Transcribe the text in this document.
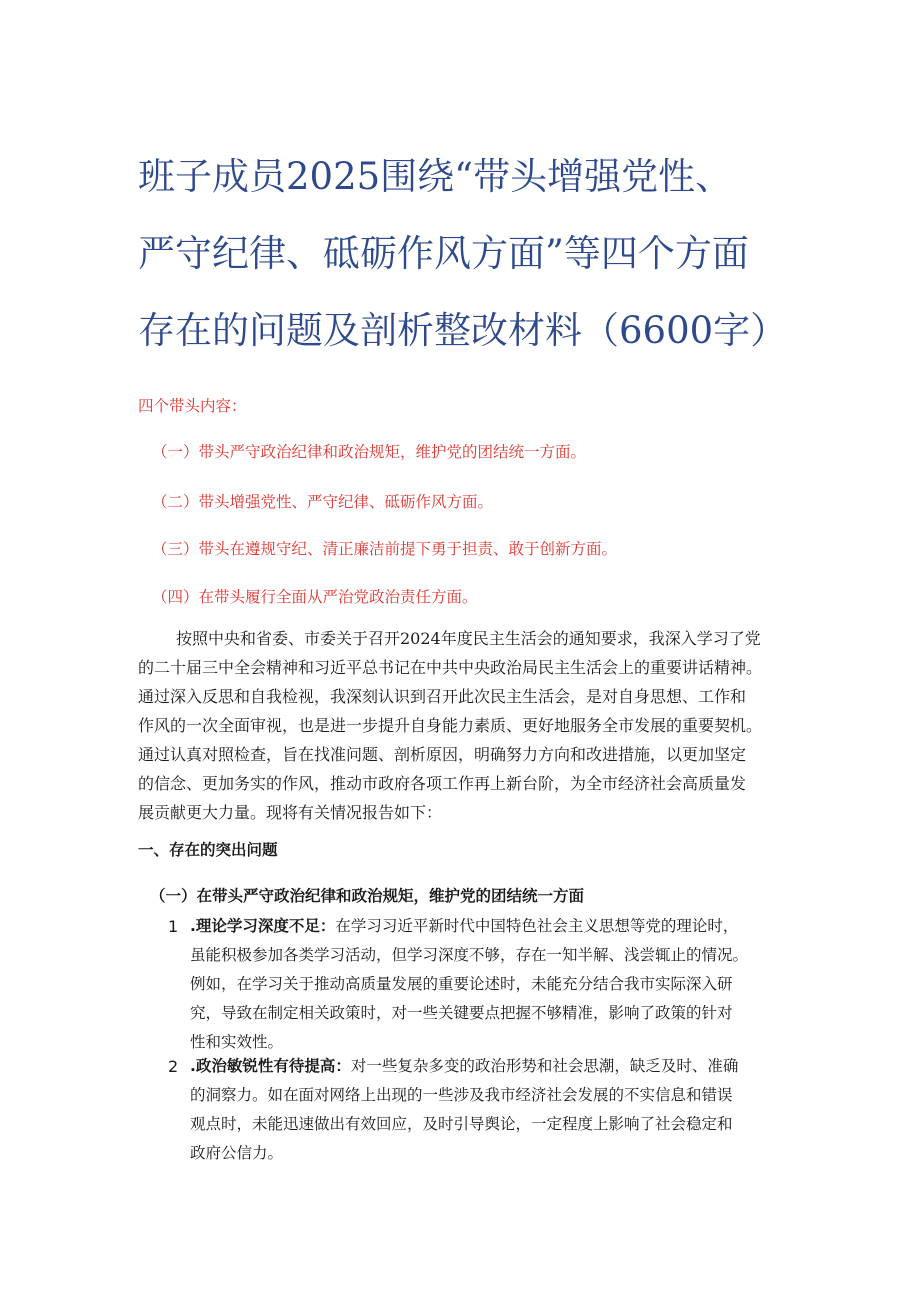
班子成员2025围绕“带头增强党性、
严守纪律、砥砺作风方面”等四个方面
存在的问题及剖析整改材料（6600字）
四个带头内容：
（一）带头严守政治纪律和政治规矩，维护党的团结统一方面。
（二）带头增强党性、严守纪律、砥砺作风方面。
（三）带头在遵规守纪、清正廉洁前提下勇于担责、敢于创新方面。
（四）在带头履行全面从严治党政治责任方面。
按照中央和省委、市委关于召开2024年度民主生活会的通知要求，我深入学习了党
的二十届三中全会精神和习近平总书记在中共中央政治局民主生活会上的重要讲话精神。
通过深入反思和自我检视，我深刻认识到召开此次民主生活会，是对自身思想、工作和
作风的一次全面审视，也是进一步提升自身能力素质、更好地服务全市发展的重要契机。
通过认真对照检查，旨在找准问题、剖析原因，明确努力方向和改进措施，以更加坚定
的信念、更加务实的作风，推动市政府各项工作再上新台阶，为全市经济社会高质量发
展贡献更大力量。现将有关情况报告如下：
一、存在的突出问题
（一）在带头严守政治纪律和政治规矩，维护党的团结统一方面
1 .理论学习深度不足：在学习习近平新时代中国特色社会主义思想等党的理论时，
虽能积极参加各类学习活动，但学习深度不够，存在一知半解、浅尝辄止的情况。
例如，在学习关于推动高质量发展的重要论述时，未能充分结合我市实际深入研
究，导致在制定相关政策时，对一些关键要点把握不够精准，影响了政策的针对
性和实效性。
2 .政治敏锐性有待提高：对一些复杂多变的政治形势和社会思潮，缺乏及时、准确
的洞察力。如在面对网络上出现的一些涉及我市经济社会发展的不实信息和错误
观点时，未能迅速做出有效回应，及时引导舆论，一定程度上影响了社会稳定和
政府公信力。
